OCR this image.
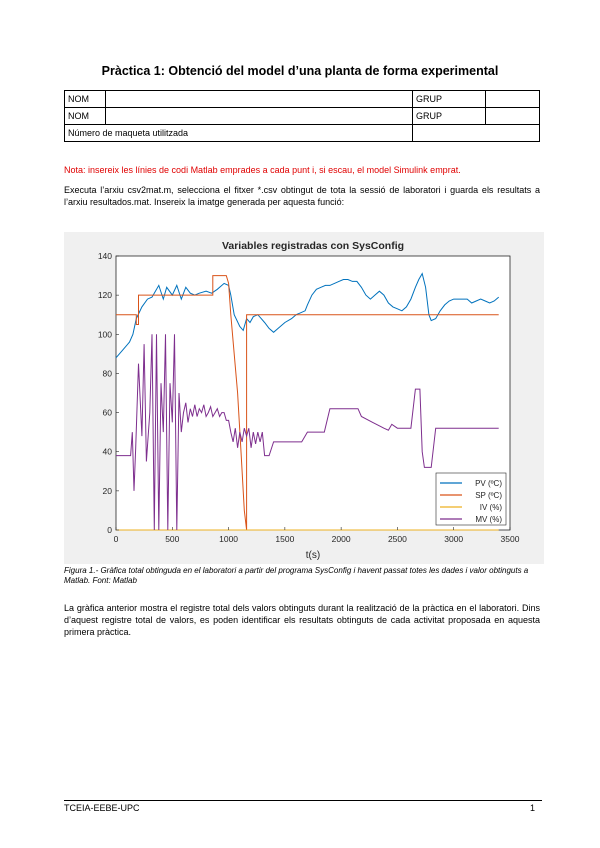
Pràctica 1: Obtenció del model d’una planta de forma experimental
NOM		GRUP	
NOM		GRUP	
Número de maqueta utilitzada			
Nota: insereix les línies de codi Matlab emprades a cada punt i, si escau, el model Simulink emprat.
Executa l’arxiu csv2mat.m, selecciona el fitxer *.csv obtingut de tota la sessió de laboratori i guarda els resultats a l’arxiu resultados.mat. Insereix la imatge generada per aquesta funció:
0	500	1000	1500	2000	2500	3000	3500
0
20
40
60
80
100
120
140
Variables registradas con SysConfig
t(s)
PV (ºC)
SP (ºC)
IV (%)
MV (%)
Figura 1.- Gràfica total obtinguda en el laboratori a partir del programa SysConfig i havent passat totes les dades i valor obtinguts a Matlab. Font: Matlab
La gràfica anterior mostra el registre total dels valors obtinguts durant la realització de la pràctica en el laboratori. Dins d’aquest registre total de valors, es poden identificar els resultats obtinguts de cada activitat proposada en aquesta primera pràctica.
TCEIA-EEBE-UPC	1
